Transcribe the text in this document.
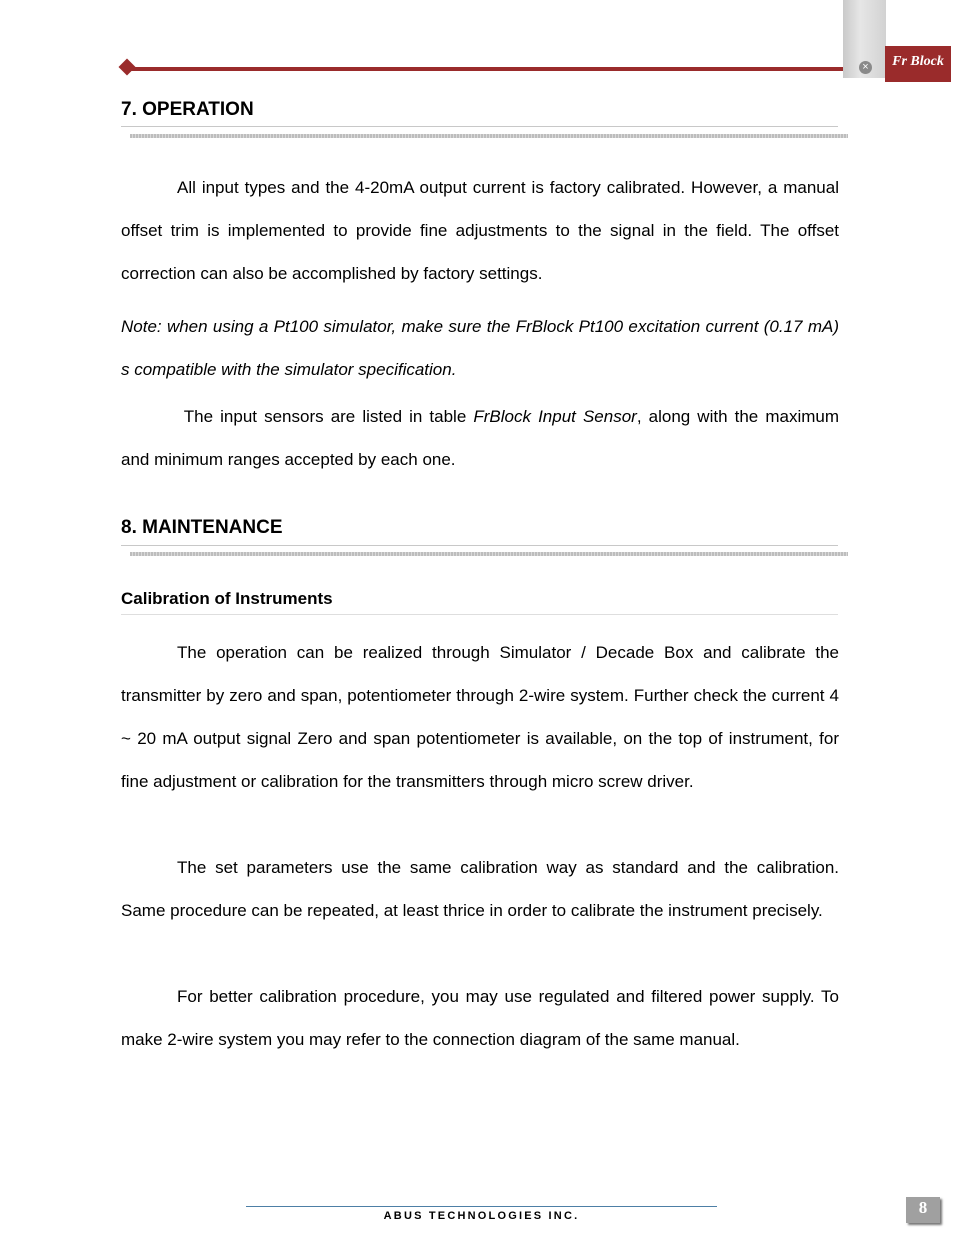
×	Fr Block
7. OPERATION
All input types and the 4-20mA output current is factory calibrated. However, a manual offset trim is implemented to provide fine adjustments to the signal in the field. The offset correction can also be accomplished by factory settings.
Note: when using a Pt100 simulator, make sure the FrBlock Pt100 excitation current (0.17 mA) s compatible with the simulator specification.
The input sensors are listed in table FrBlock Input Sensor, along with the maximum and minimum ranges accepted by each one.
8. MAINTENANCE
Calibration of Instruments
The operation can be realized through Simulator / Decade Box and calibrate the transmitter by zero and span, potentiometer through 2-wire system. Further check the current 4 ~ 20 mA output signal Zero and span potentiometer is available, on the top of instrument, for fine adjustment or calibration for the transmitters through micro screw driver.
The set parameters use the same calibration way as standard and the calibration. Same procedure can be repeated, at least thrice in order to calibrate the instrument precisely.
For better calibration procedure, you may use regulated and filtered power supply. To make 2-wire system you may refer to the connection diagram of the same manual.
ABUS TECHNOLOGIES INC.	8
